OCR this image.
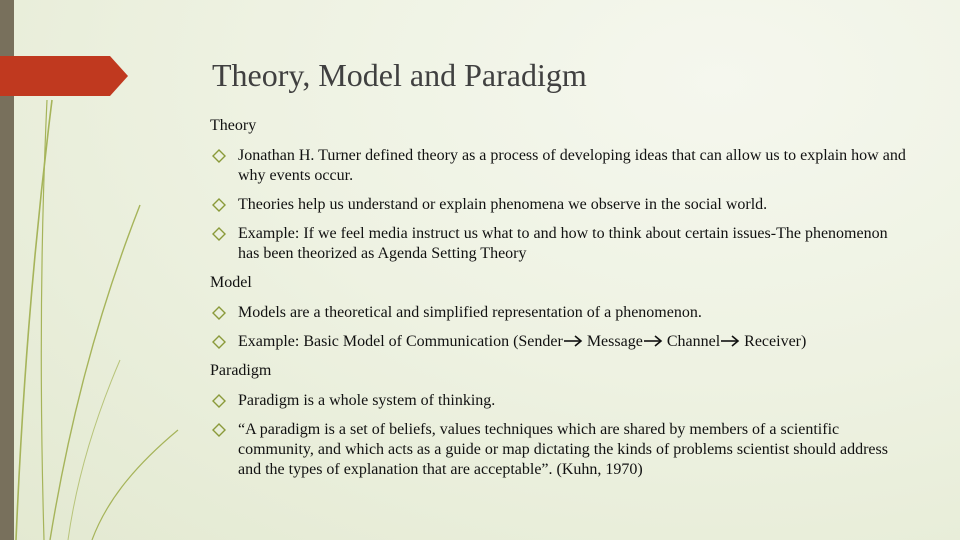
Theory, Model and Paradigm
Theory
Jonathan H. Turner defined theory as a process of developing ideas that can allow us to explain how and why events occur.
Theories help us understand or explain phenomena we observe in the social world.
Example: If we feel media instruct us what to and how to think about certain issues-The phenomenon has been theorized as Agenda Setting Theory
Model
Models are a theoretical and simplified representation of a phenomenon.
Example: Basic Model of Communication (Sender Message Channel Receiver)
Paradigm
Paradigm is a whole system of thinking.
“A paradigm is a set of beliefs, values techniques which are shared by members of a scientific community, and which acts as a guide or map dictating the kinds of problems scientist should address and the types of explanation that are acceptable”. (Kuhn, 1970)
